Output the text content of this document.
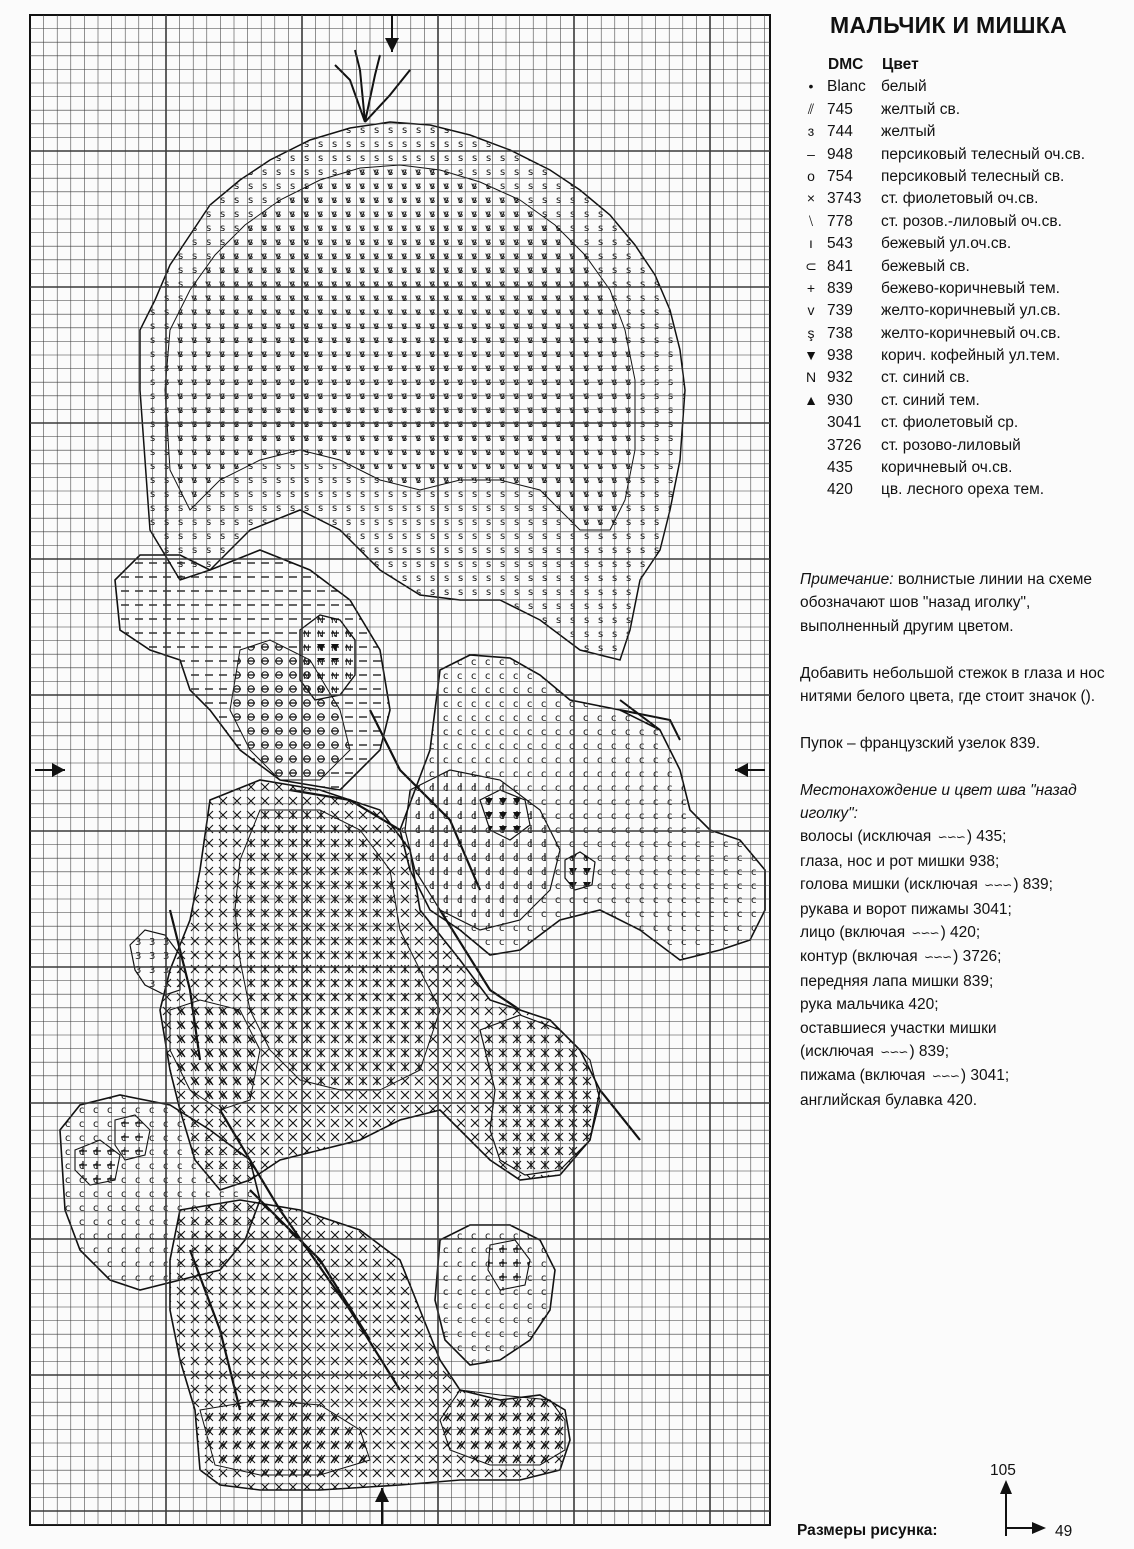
МАЛЬЧИК И МИШКА
DMC Цвет
• Blanc белый
⫽ 745 желтый св.
ɜ 744 желтый
– 948 персиковый телесный оч.св.
o 754 персиковый телесный св.
× 3743 ст. фиолетовый оч.св.
⧵ 778 ст. розов.-лиловый оч.св.
ı 543 бежевый ул.оч.св.
⊂ 841 бежевый св.
+ 839 бежево-коричневый тем.
v 739 желто-коричневый ул.св.
ş 738 желто-коричневый оч.св.
▼ 938 корич. кофейный ул.тем.
N 932 ст. синий св.
▲ 930 ст. синий тем.
3041 ст. фиолетовый ср.
3726 ст. розово-лиловый
435 коричневый оч.св.
420 цв. лесного ореха тем.

Примечание: волнистые линии на схеме обозначают шов "назад иголку", выполненный другим цветом.

Добавить небольшой стежок в глаза и нос нитями белого цвета, где стоит значок ().

Пупок – французский узелок 839.

Местонахождение и цвет шва "назад иголку":

волосы (исключая ∽∽∽ ) 435;

глаза, нос и рот мишки 938;

голова мишки (исключая ∽∽∽ ) 839;

рукава и ворот пижамы 3041;

лицо (включая ∽∽∽ ) 420;

контур (включая ∽∽∽ ) 3726;

передняя лапа мишки 839;

рука мальчика 420;

оставшиеся участки мишки

(исключая ∽∽∽ ) 839;

пижама (включая ∽∽∽ ) 3041;

английская булавка 420.

105
Размеры рисунка:	49
